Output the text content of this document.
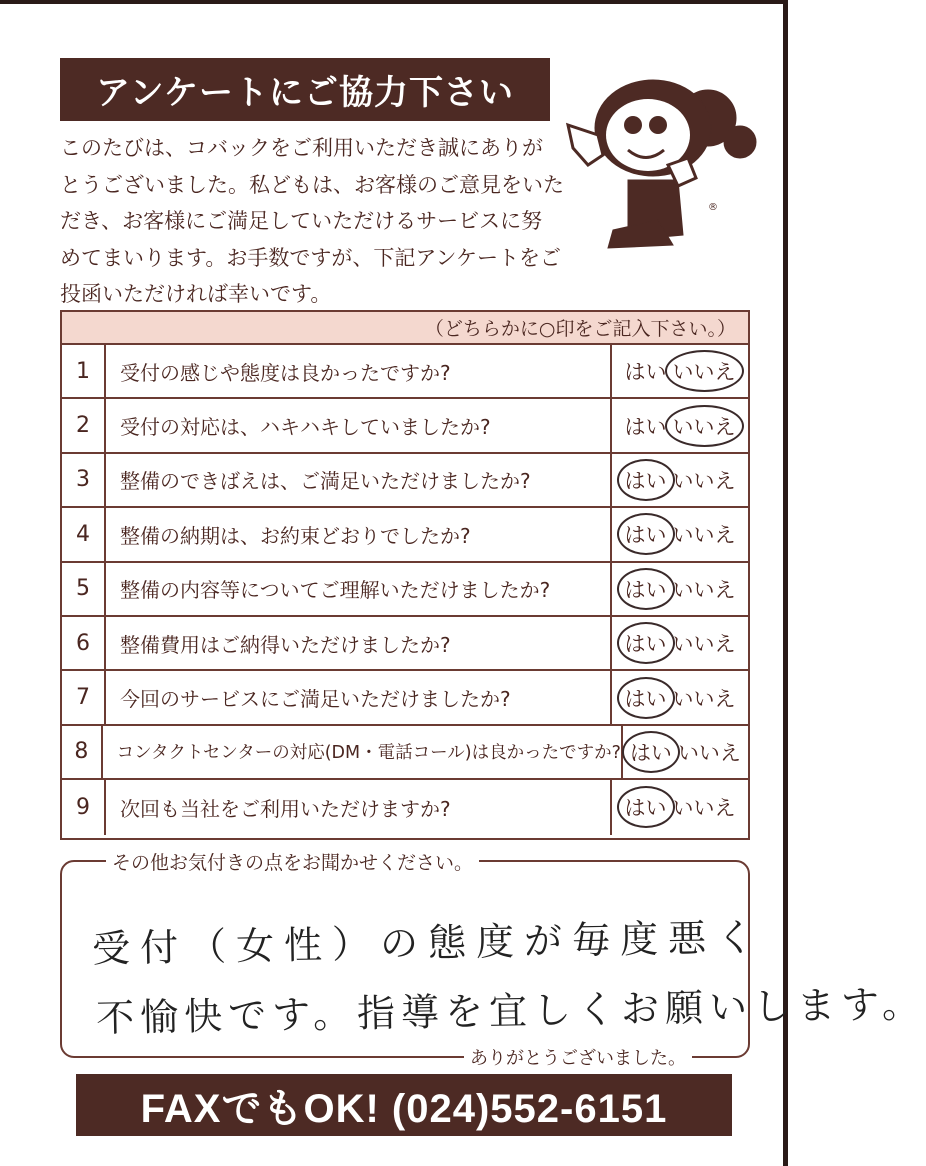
アンケートにご協力下さい
このたびは、コバックをご利用いただき誠にありが
とうございました。私どもは、お客様のご意見をいた
だき、お客様にご満足していただけるサービスに努
めてまいります。お手数ですが、下記アンケートをご
投函いただければ幸いです。
®
（どちらかに○印をご記入下さい。）
1	受付の感じや態度は良かったですか?	はい いいえ
2	受付の対応は、ハキハキしていましたか?	はい いいえ
3	整備のできばえは、ご満足いただけましたか?	はい いいえ
4	整備の納期は、お約束どおりでしたか?	はい いいえ
5	整備の内容等についてご理解いただけましたか?	はい いいえ
6	整備費用はご納得いただけましたか?	はい いいえ
7	今回のサービスにご満足いただけましたか?	はい いいえ
8	コンタクトセンターの対応(DM・電話コール)は良かったですか? はい いいえ
9	次回も当社をご利用いただけますか?	はい いいえ
その他お気付きの点をお聞かせください。
受付（女性）の態度が毎度悪く
不愉快です。指導を宜しくお願いします。
ありがとうございました。
FAXでもOK! (024)552-6151
